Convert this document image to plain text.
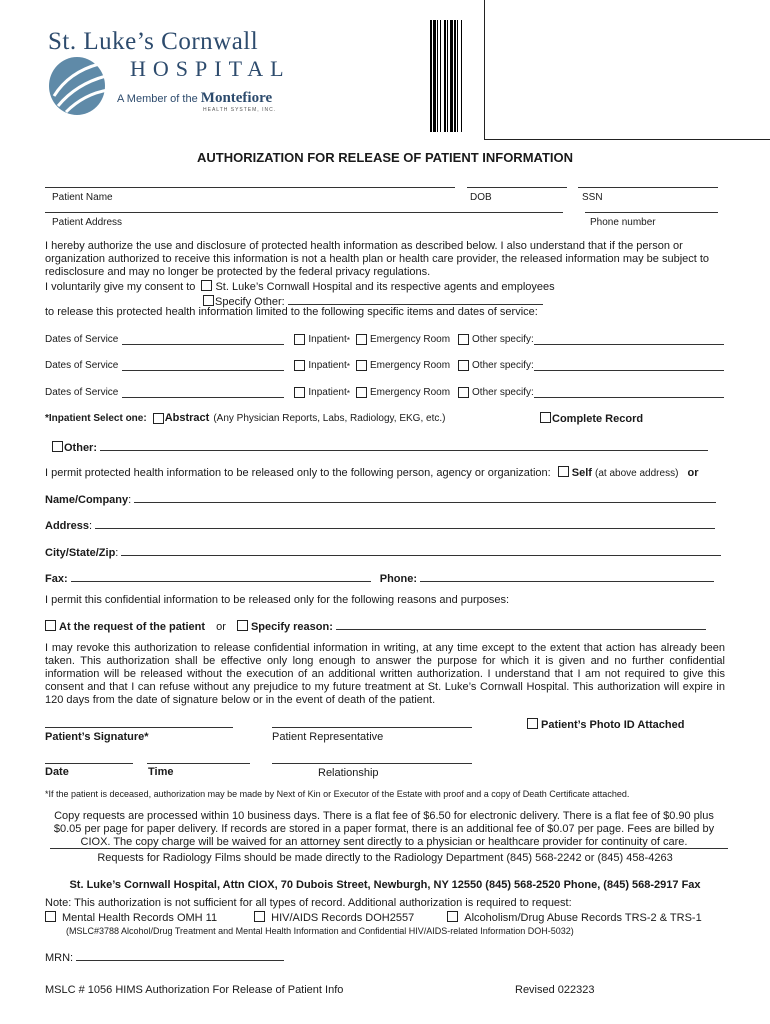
St. Luke’s Cornwall
HOSPITAL
A Member of the Montefiore
HEALTH SYSTEM, INC.
AUTHORIZATION FOR RELEASE OF PATIENT INFORMATION
Patient Name	DOB	SSN
Patient Address	Phone number
I hereby authorize the use and disclosure of protected health information as described below. I also understand that if the person or organization authorized to receive this information is not a health plan or health care provider, the released information may be subject to redisclosure and may no longer be protected by the federal privacy regulations.
I voluntarily give my consent to St. Luke’s Cornwall Hospital and its respective agents and employees
Specify Other:
to release this protected health information limited to the following specific items and dates of service:
Dates of Service	Inpatient * Emergency Room Other specify:
Dates of Service	Inpatient * Emergency Room Other specify:
Dates of Service	Inpatient * Emergency Room Other specify:
*Inpatient Select one: Abstract (Any Physician Reports, Labs, Radiology, EKG, etc.)	Complete Record
Other:
I permit protected health information to be released only to the following person, agency or organization: Self (at above address) or
Name/Company:
Address:
City/State/Zip:
Fax:	Phone:
I permit this confidential information to be released only for the following reasons and purposes:
At the request of the patient or Specify reason:
I may revoke this authorization to release confidential information in writing, at any time except to the extent that action has already been taken. This authorization shall be effective only long enough to answer the purpose for which it is given and no further confidential information will be released without the execution of an additional written authorization. I understand that I am not required to give this consent and that I can refuse without any prejudice to my future treatment at St. Luke’s Cornwall Hospital. This authorization will expire in 120 days from the date of signature below or in the event of death of the patient.
Patient’s Photo ID Attached
Patient’s Signature*	Patient Representative
Date	Time	Relationship
*If the patient is deceased, authorization may be made by Next of Kin or Executor of the Estate with proof and a copy of Death Certificate attached.
Copy requests are processed within 10 business days. There is a flat fee of $6.50 for electronic delivery. There is a flat fee of $0.90 plus $0.05 per page for paper delivery. If records are stored in a paper format, there is an additional fee of $0.07 per page. Fees are billed by CIOX. The copy charge will be waived for an attorney sent directly to a physician or healthcare provider for continuity of care.
Requests for Radiology Films should be made directly to the Radiology Department (845) 568-2242 or (845) 458-4263
St. Luke’s Cornwall Hospital, Attn CIOX, 70 Dubois Street, Newburgh, NY 12550 (845) 568-2520 Phone, (845) 568-2917 Fax
Note: This authorization is not sufficient for all types of record. Additional authorization is required to request:
Mental Health Records OMH 11	HIV/AIDS Records DOH2557	Alcoholism/Drug Abuse Records TRS-2 & TRS-1
(MSLC#3788 Alcohol/Drug Treatment and Mental Health Information and Confidential HIV/AIDS-related Information DOH-5032)
MRN:
MSLC # 1056 HIMS Authorization For Release of Patient Info	Revised 022323
